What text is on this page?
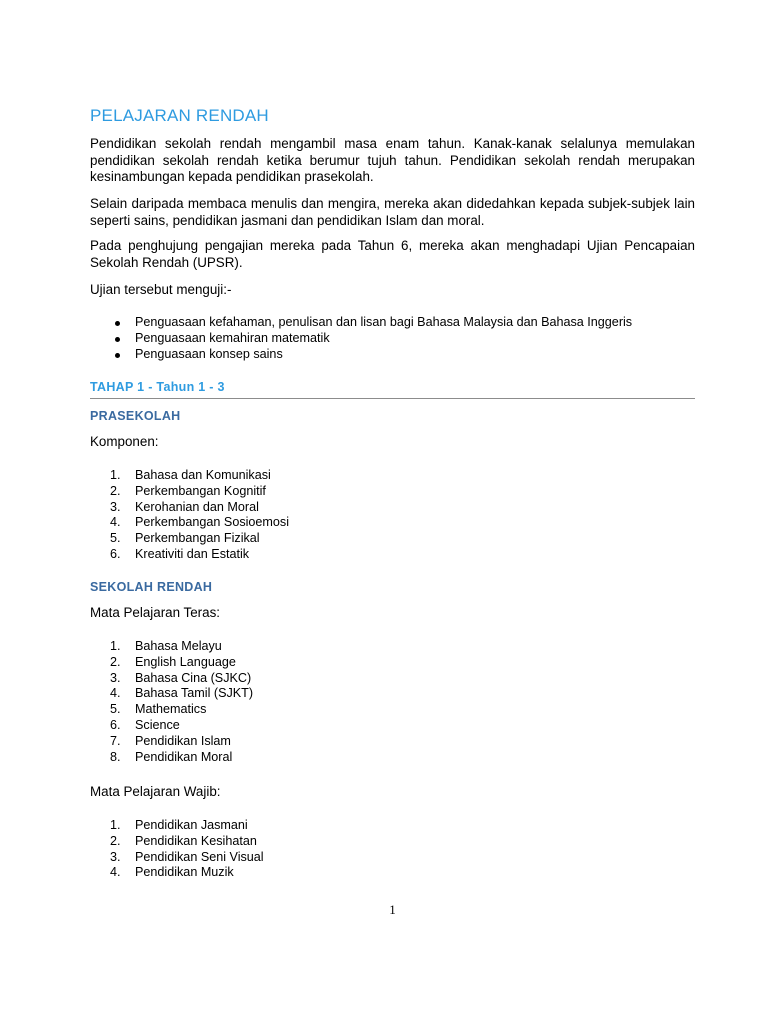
PELAJARAN RENDAH

Pendidikan sekolah rendah mengambil masa enam tahun. Kanak-kanak selalunya memulakan pendidikan sekolah rendah ketika berumur tujuh tahun. Pendidikan sekolah rendah merupakan kesinambungan kepada pendidikan prasekolah.

Selain daripada membaca menulis dan mengira, mereka akan didedahkan kepada subjek-subjek lain seperti sains, pendidikan jasmani dan pendidikan Islam dan moral.

Pada penghujung pengajian mereka pada Tahun 6, mereka akan menghadapi Ujian Pencapaian Sekolah Rendah (UPSR).

Ujian tersebut menguji:-

Penguasaan kefahaman, penulisan dan lisan bagi Bahasa Malaysia dan Bahasa Inggeris
Penguasaan kemahiran matematik
Penguasaan konsep sains
TAHAP 1 - Tahun 1 - 3
PRASEKOLAH

Komponen:

1.	Bahasa dan Komunikasi
2.	Perkembangan Kognitif
3.	Kerohanian dan Moral
4.	Perkembangan Sosioemosi
5.	Perkembangan Fizikal
6.	Kreativiti dan Estatik
SEKOLAH RENDAH

Mata Pelajaran Teras:

1.	Bahasa Melayu
2.	English Language
3.	Bahasa Cina (SJKC)
4.	Bahasa Tamil (SJKT)
5.	Mathematics
6.	Science
7.	Pendidikan Islam
8.	Pendidikan Moral

Mata Pelajaran Wajib:

1.	Pendidikan Jasmani
2.	Pendidikan Kesihatan
3.	Pendidikan Seni Visual
4.	Pendidikan Muzik
1
